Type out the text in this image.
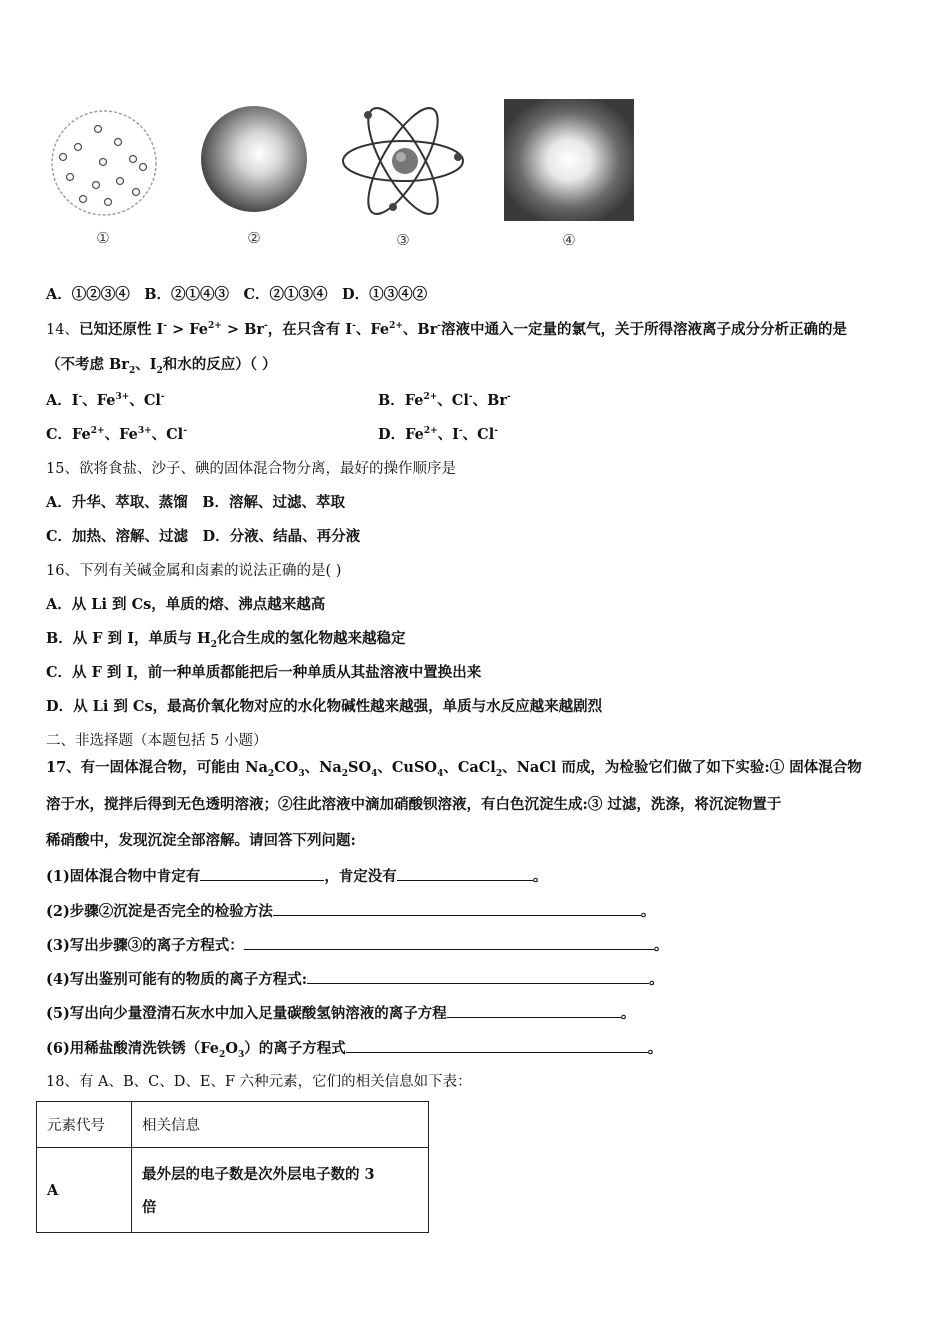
①	②	③	④
A．①②③④　B．②①④③　C．②①③④　D．①③④②
14、已知还原性 $I^- > Fe^{2+} > Br^-$，在只含有 I-、$Fe^{2+}$、Br-溶液中通入一定量的氯气，关于所得溶液离子成分分析正确的是
（不考虑 $Br_2$、$I_2$和水的反应）（ ）
A．I-、$Fe^{3+}$、Cl-	B．$Fe^{2+}$、Cl-、Br-
C．$Fe^{2+}$、$Fe^{3+}$、Cl-	D．$Fe^{2+}$、I-、Cl-
15、欲将食盐、沙子、碘的固体混合物分离，最好的操作顺序是
A．升华、萃取、蒸馏　B．溶解、过滤、萃取
C．加热、溶解、过滤　D．分液、结晶、再分液
16、下列有关碱金属和卤素的说法正确的是( )
A．从 Li 到 Cs，单质的熔、沸点越来越高
B．从 F 到 I，单质与 $H_2$化合生成的氢化物越来越稳定
C．从 F 到 I，前一种单质都能把后一种单质从其盐溶液中置换出来
D．从 Li 到 Cs，最高价氧化物对应的水化物碱性越来越强，单质与水反应越来越剧烈
二、非选择题（本题包括 5 小题）
17、有一固体混合物，可能由 $Na_2CO_3$、$Na_2SO_4$、CuSO$_4$、CaCl$_2$、NaCl 而成，为检验它们做了如下实验:① 固体混合物
溶于水，搅拌后得到无色透明溶液；②往此溶液中滴加硝酸钡溶液，有白色沉淀生成:③ 过滤，洗涤，将沉淀物置于
稀硝酸中，发现沉淀全部溶解。请回答下列问题:
(1)固体混合物中肯定有	，肯定没有	。
(2)步骤②沉淀是否完全的检验方法	。
(3)写出步骤③的离子方程式：	。
(4)写出鉴别可能有的物质的离子方程式:	。
(5)写出向少量澄清石灰水中加入足量碳酸氢钠溶液的离子方程	。
(6)用稀盐酸清洗铁锈$(Fe_2O_3)$的离子方程式	。
18、有 A、B、C、D、E、F 六种元素，它们的相关信息如下表：
元素代号	相关信息
A	最外层的电子数是次外层电子数的 3
倍
